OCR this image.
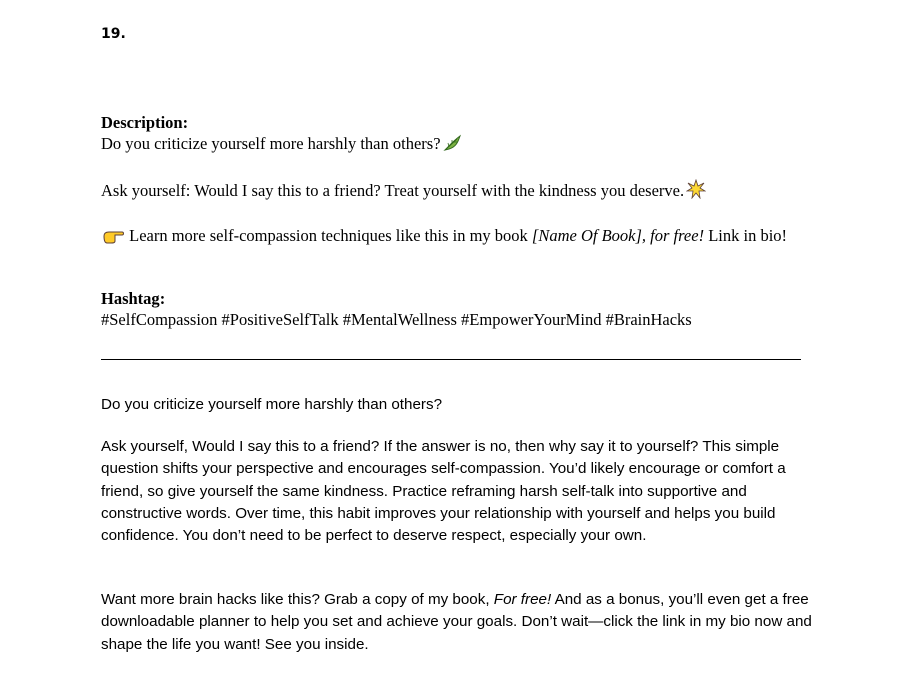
19.

Description:
Do you criticize yourself more harshly than others?

Ask yourself: Would I say this to a friend? Treat yourself with the kindness you deserve.

Learn more self-compassion techniques like this in my book [Name Of Book], for free! Link in bio!

Hashtag:
#SelfCompassion #PositiveSelfTalk #MentalWellness #EmpowerYourMind #BrainHacks

Do you criticize yourself more harshly than others?

Ask yourself, Would I say this to a friend? If the answer is no, then why say it to yourself? This simple question shifts your perspective and encourages self-compassion. You’d likely encourage or comfort a friend, so give yourself the same kindness. Practice reframing harsh self-talk into supportive and constructive words. Over time, this habit improves your relationship with yourself and helps you build confidence. You don’t need to be perfect to deserve respect, especially your own.

Want more brain hacks like this? Grab a copy of my book, For free! And as a bonus, you’ll even get a free downloadable planner to help you set and achieve your goals. Don’t wait—click the link in my bio now and shape the life you want! See you inside.
